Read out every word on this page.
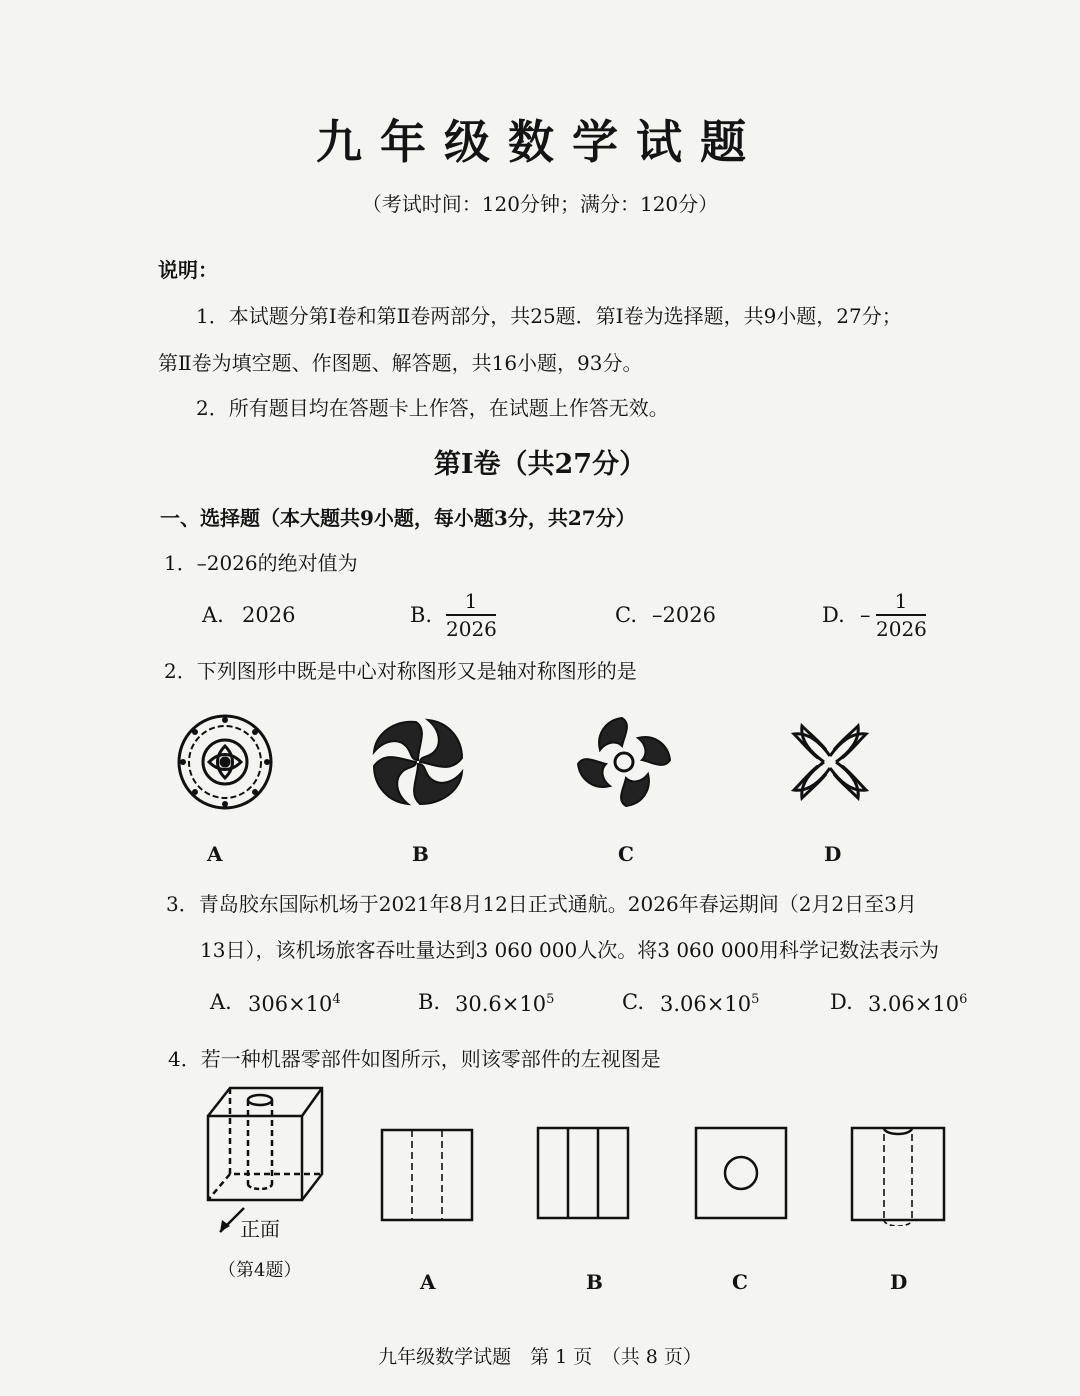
九年级数学试题
（考试时间：120分钟；满分：120分）
说明：
1．本试题分第Ⅰ卷和第Ⅱ卷两部分，共25题．第Ⅰ卷为选择题，共9小题，27分；
第Ⅱ卷为填空题、作图题、解答题，共16小题，93分。
2．所有题目均在答题卡上作答，在试题上作答无效。
第Ⅰ卷（共27分）
一、选择题（本大题共9小题，每小题3分，共27分）
1．–2026的绝对值为
A. 2026	B.
1
2026
C. –2026	D. –
1
2026
2．下列图形中既是中心对称图形又是轴对称图形的是
A	B	C	D
3．青岛胶东国际机场于2021年8月12日正式通航。2026年春运期间（2月2日至3月
13日），该机场旅客吞吐量达到3 060 000人次。将3 060 000用科学记数法表示为
A. $306\times 10^4$	B. $30.6\times 10^5$	C. $3.06\times 10^5$	D. $3.06\times 10^6$
4．若一种机器零部件如图所示，则该零部件的左视图是
正面
（第4题）	A	B	C	D
九年级数学试题　第 1 页　（共 8 页）
